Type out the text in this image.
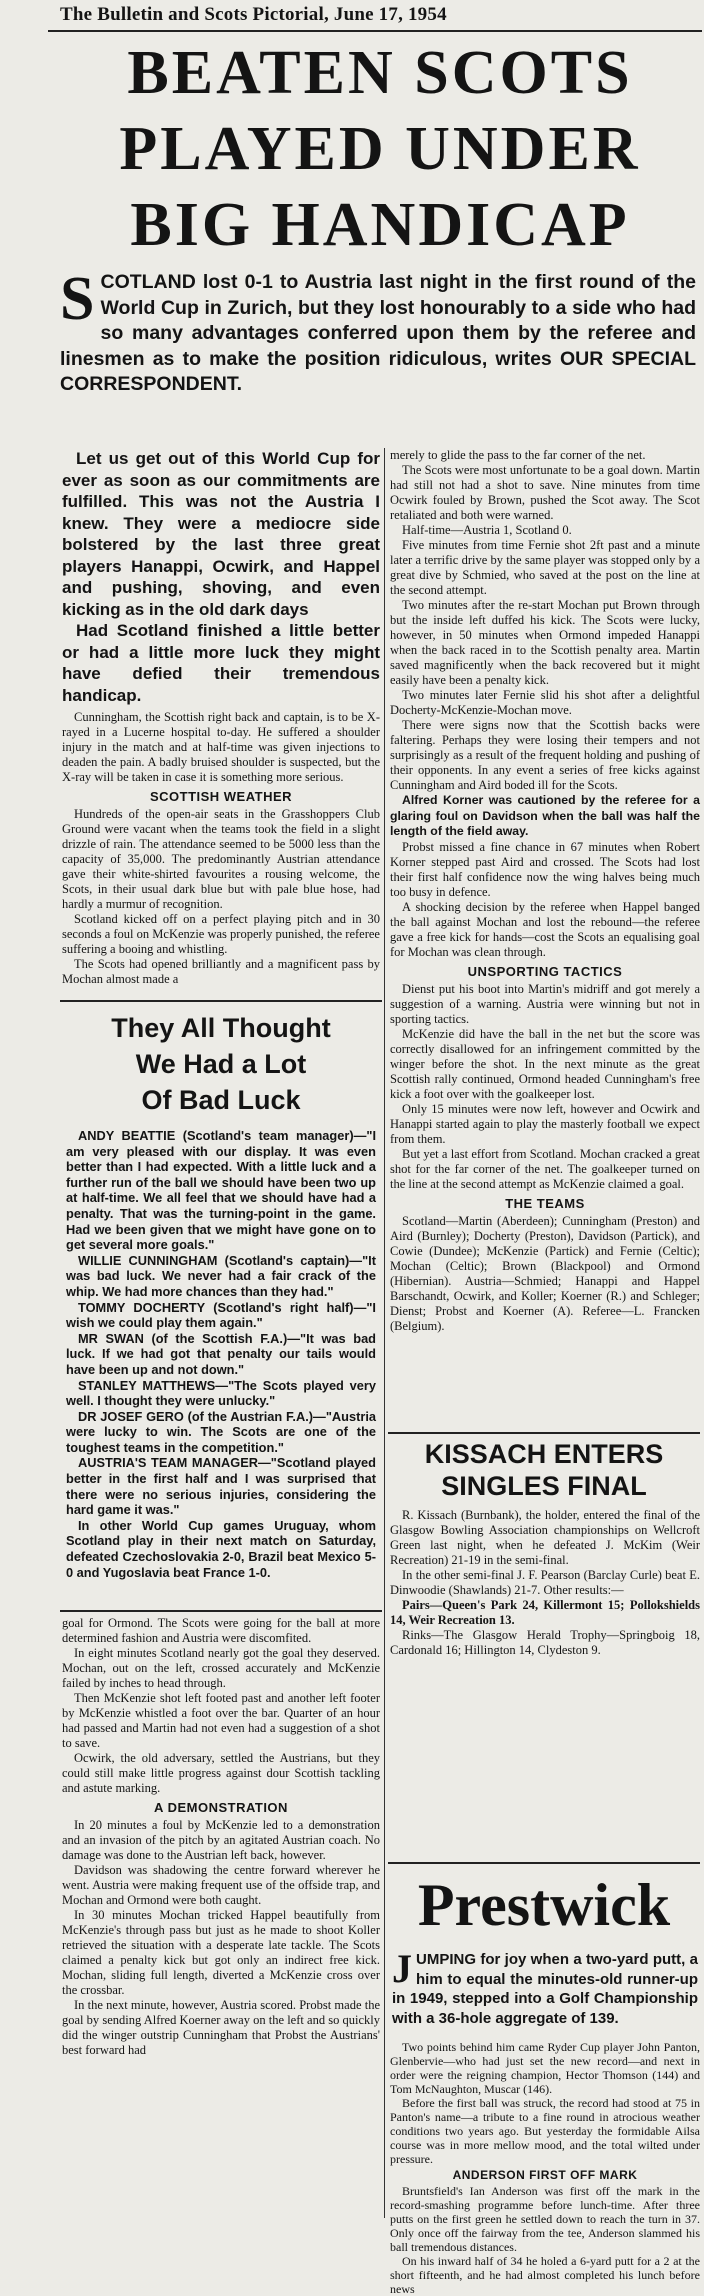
The Bulletin and Scots Pictorial, June 17, 1954
BEATEN SCOTS
PLAYED UNDER
BIG HANDICAP
SCOTLAND lost 0-1 to Austria last night in the first round of the World Cup in Zurich, but they lost honourably to a side who had so many advantages conferred upon them by the referee and linesmen as to make the position ridiculous, writes OUR SPECIAL CORRESPONDENT.

Let us get out of this World Cup for ever as soon as our commitments are fulfilled. This was not the Austria I knew. They were a mediocre side bolstered by the last three great players Hanappi, Ocwirk, and Happel and pushing, shoving, and even kicking as in the old dark days

Had Scotland finished a little better or had a little more luck they might have defied their tremendous handicap.

Cunningham, the Scottish right back and captain, is to be X-rayed in a Lucerne hospital to-day. He suffered a shoulder injury in the match and at half-time was given injections to deaden the pain. A badly bruised shoulder is suspected, but the X-ray will be taken in case it is something more serious.

SCOTTISH WEATHER

Hundreds of the open-air seats in the Grasshoppers Club Ground were vacant when the teams took the field in a slight drizzle of rain. The attendance seemed to be 5000 less than the capacity of 35,000. The predominantly Austrian attendance gave their white-shirted favourites a rousing welcome, the Scots, in their usual dark blue but with pale blue hose, had hardly a murmur of recognition.

Scotland kicked off on a perfect playing pitch and in 30 seconds a foul on McKenzie was properly punished, the referee suffering a booing and whistling.

The Scots had opened brilliantly and a magnificent pass by Mochan almost made a

They All Thought
We Had a Lot
Of Bad Luck

ANDY BEATTIE (Scotland's team manager)—"I am very pleased with our display. It was even better than I had expected. With a little luck and a further run of the ball we should have been two up at half-time. We all feel that we should have had a penalty. That was the turning-point in the game. Had we been given that we might have gone on to get several more goals."

WILLIE CUNNINGHAM (Scotland's captain)—"It was bad luck. We never had a fair crack of the whip. We had more chances than they had."

TOMMY DOCHERTY (Scotland's right half)—"I wish we could play them again."

MR SWAN (of the Scottish F.A.)—"It was bad luck. If we had got that penalty our tails would have been up and not down."

STANLEY MATTHEWS—"The Scots played very well. I thought they were unlucky."

DR JOSEF GERO (of the Austrian F.A.)—"Austria were lucky to win. The Scots are one of the toughest teams in the competition."

AUSTRIA'S TEAM MANAGER—"Scotland played better in the first half and I was surprised that there were no serious injuries, considering the hard game it was."

In other World Cup games Uruguay, whom Scotland play in their next match on Saturday, defeated Czechoslovakia 2-0, Brazil beat Mexico 5-0 and Yugoslavia beat France 1-0.

goal for Ormond. The Scots were going for the ball at more determined fashion and Austria were discomfited.

In eight minutes Scotland nearly got the goal they deserved. Mochan, out on the left, crossed accurately and McKenzie failed by inches to head through.

Then McKenzie shot left footed past and another left footer by McKenzie whistled a foot over the bar. Quarter of an hour had passed and Martin had not even had a suggestion of a shot to save.

Ocwirk, the old adversary, settled the Austrians, but they could still make little progress against dour Scottish tackling and astute marking.

A DEMONSTRATION

In 20 minutes a foul by McKenzie led to a demonstration and an invasion of the pitch by an agitated Austrian coach. No damage was done to the Austrian left back, however.

Davidson was shadowing the centre forward wherever he went. Austria were making frequent use of the offside trap, and Mochan and Ormond were both caught.

In 30 minutes Mochan tricked Happel beautifully from McKenzie's through pass but just as he made to shoot Koller retrieved the situation with a desperate late tackle. The Scots claimed a penalty kick but got only an indirect free kick. Mochan, sliding full length, diverted a McKenzie cross over the crossbar.

In the next minute, however, Austria scored. Probst made the goal by sending Alfred Koerner away on the left and so quickly did the winger outstrip Cunningham that Probst the Austrians' best forward had

merely to glide the pass to the far corner of the net.

The Scots were most unfortunate to be a goal down. Martin had still not had a shot to save. Nine minutes from time Ocwirk fouled by Brown, pushed the Scot away. The Scot retaliated and both were warned.

Half-time—Austria 1, Scotland 0.

Five minutes from time Fernie shot 2ft past and a minute later a terrific drive by the same player was stopped only by a great dive by Schmied, who saved at the post on the line at the second attempt.

Two minutes after the re-start Mochan put Brown through but the inside left duffed his kick. The Scots were lucky, however, in 50 minutes when Ormond impeded Hanappi when the back raced in to the Scottish penalty area. Martin saved magnificently when the back recovered but it might easily have been a penalty kick.

Two minutes later Fernie slid his shot after a delightful Docherty-McKenzie-Mochan move.

There were signs now that the Scottish backs were faltering. Perhaps they were losing their tempers and not surprisingly as a result of the frequent holding and pushing of their opponents. In any event a series of free kicks against Cunningham and Aird boded ill for the Scots.

Alfred Korner was cautioned by the referee for a glaring foul on Davidson when the ball was half the length of the field away.

Probst missed a fine chance in 67 minutes when Robert Korner stepped past Aird and crossed. The Scots had lost their first half confidence now the wing halves being much too busy in defence.

A shocking decision by the referee when Happel banged the ball against Mochan and lost the rebound—the referee gave a free kick for hands—cost the Scots an equalising goal for Mochan was clean through.

UNSPORTING TACTICS

Dienst put his boot into Martin's midriff and got merely a suggestion of a warning. Austria were winning but not in sporting tactics.

McKenzie did have the ball in the net but the score was correctly disallowed for an infringement committed by the winger before the shot. In the next minute as the great Scottish rally continued, Ormond headed Cunningham's free kick a foot over with the goalkeeper lost.

Only 15 minutes were now left, however and Ocwirk and Hanappi started again to play the masterly football we expect from them.

But yet a last effort from Scotland. Mochan cracked a great shot for the far corner of the net. The goalkeeper turned on the line at the second attempt as McKenzie claimed a goal.

THE TEAMS

Scotland—Martin (Aberdeen); Cunningham (Preston) and Aird (Burnley); Docherty (Preston), Davidson (Partick), and Cowie (Dundee); McKenzie (Partick) and Fernie (Celtic); Mochan (Celtic); Brown (Blackpool) and Ormond (Hibernian). Austria—Schmied; Hanappi and Happel Barschandt, Ocwirk, and Koller; Koerner (R.) and Schleger; Dienst; Probst and Koerner (A). Referee—L. Francken (Belgium).

KISSACH ENTERS
SINGLES FINAL

R. Kissach (Burnbank), the holder, entered the final of the Glasgow Bowling Association championships on Wellcroft Green last night, when he defeated J. McKim (Weir Recreation) 21-19 in the semi-final.

In the other semi-final J. F. Pearson (Barclay Curle) beat E. Dinwoodie (Shawlands) 21-7. Other results:—

Pairs—Queen's Park 24, Killermont 15; Pollokshields 14, Weir Recreation 13.

Rinks—The Glasgow Herald Trophy—Springboig 18, Cardonald 16; Hillington 14, Clydeston 9.

Prestwick
JUMPING for joy when a two-yard putt, a him to equal the minutes-old runner-up in 1949, stepped into a Golf Championship with a 36-hole aggregate of 139.

Two points behind him came Ryder Cup player John Panton, Glenbervie—who had just set the new record—and next in order were the reigning champion, Hector Thomson (144) and Tom McNaughton, Muscar (146).

Before the first ball was struck, the record had stood at 75 in Panton's name—a tribute to a fine round in atrocious weather conditions two years ago. But yesterday the formidable Ailsa course was in more mellow mood, and the total wilted under pressure.

ANDERSON FIRST OFF MARK

Bruntsfield's Ian Anderson was first off the mark in the record-smashing programme before lunch-time. After three putts on the first green he settled down to reach the turn in 37. Only once off the fairway from the tee, Anderson slammed his ball tremendous distances.

On his inward half of 34 he holed a 6-yard putt for a 2 at the short fifteenth, and he had almost completed his lunch before news
